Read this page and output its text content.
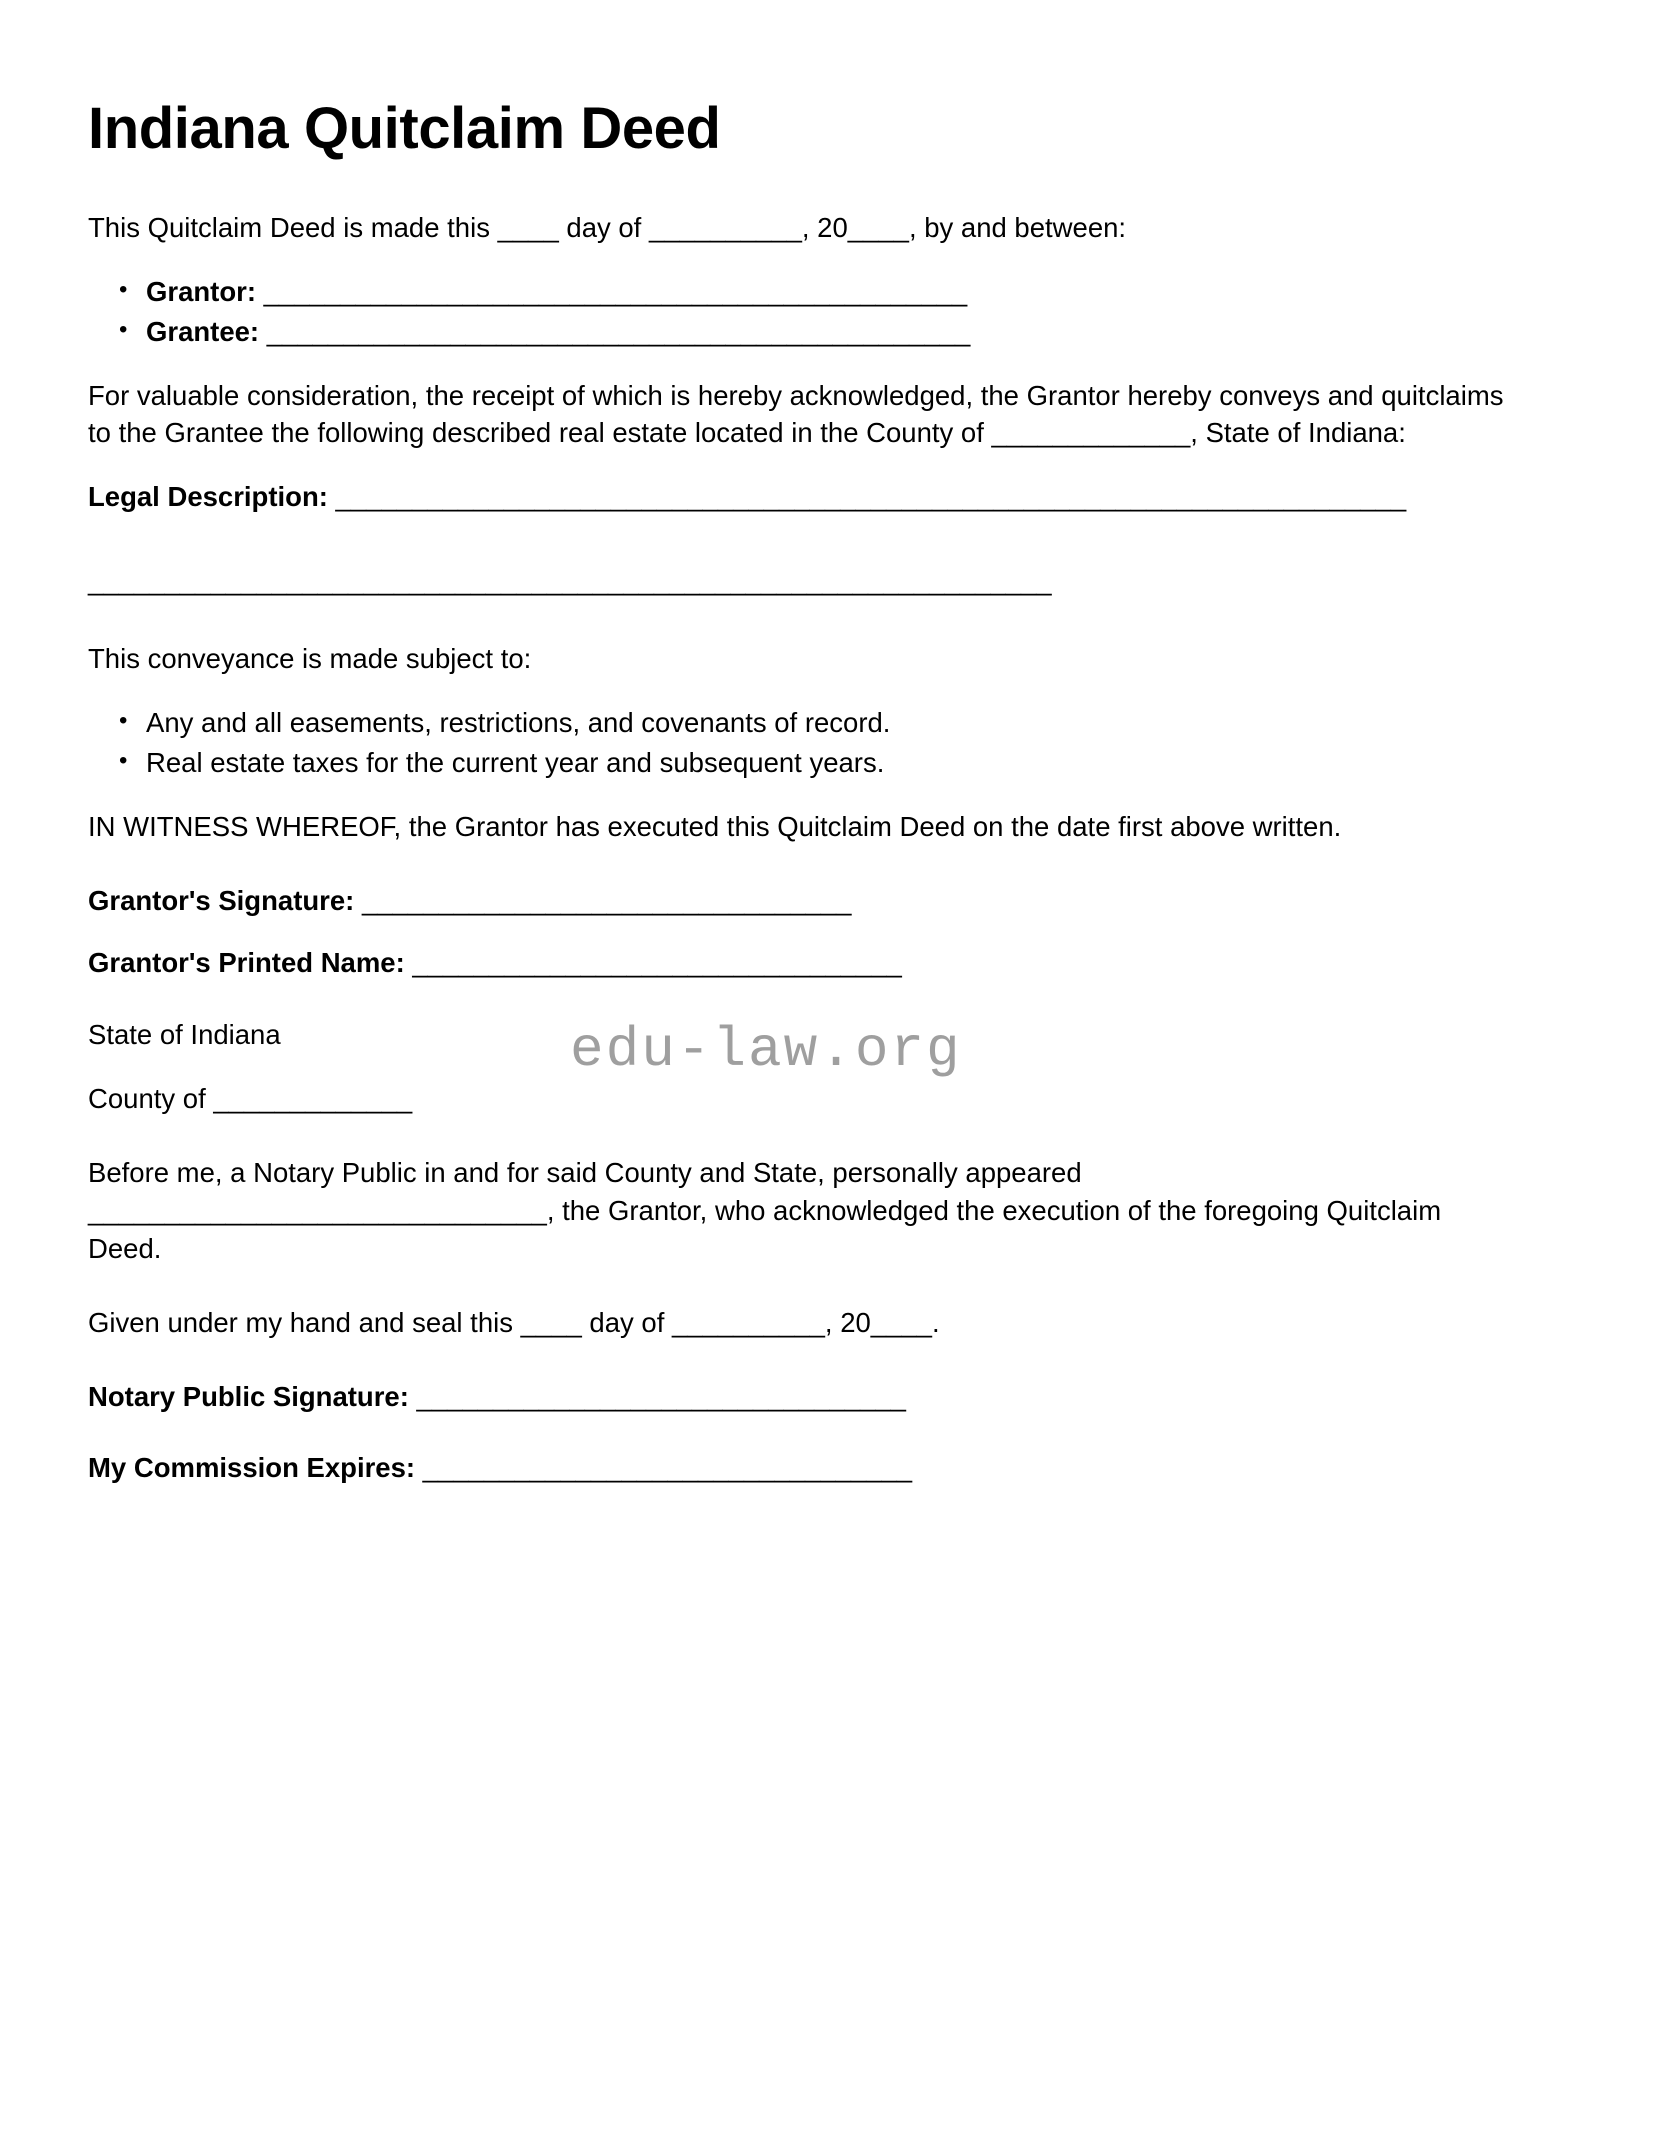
Indiana Quitclaim Deed

This Quitclaim Deed is made this ____ day of __________, 20____, by and between:

• Grantor: ______________________________________________
• Grantee: ______________________________________________

For valuable consideration, the receipt of which is hereby acknowledged, the Grantor hereby conveys and quitclaims to the Grantee the following described real estate located in the County of _____________, State of Indiana:

Legal Description: ______________________________________________________________________

_______________________________________________________________

This conveyance is made subject to:

• Any and all easements, restrictions, and covenants of record.
• Real estate taxes for the current year and subsequent years.

IN WITNESS WHEREOF, the Grantor has executed this Quitclaim Deed on the date first above written.

Grantor's Signature: ________________________________

Grantor's Printed Name: ________________________________

State of Indiana

County of _____________

Before me, a Notary Public in and for said County and State, personally appeared ______________________________, the Grantor, who acknowledged the execution of the foregoing Quitclaim Deed.

Given under my hand and seal this ____ day of __________, 20____.

Notary Public Signature: ________________________________

My Commission Expires: ________________________________

edu-law.org
